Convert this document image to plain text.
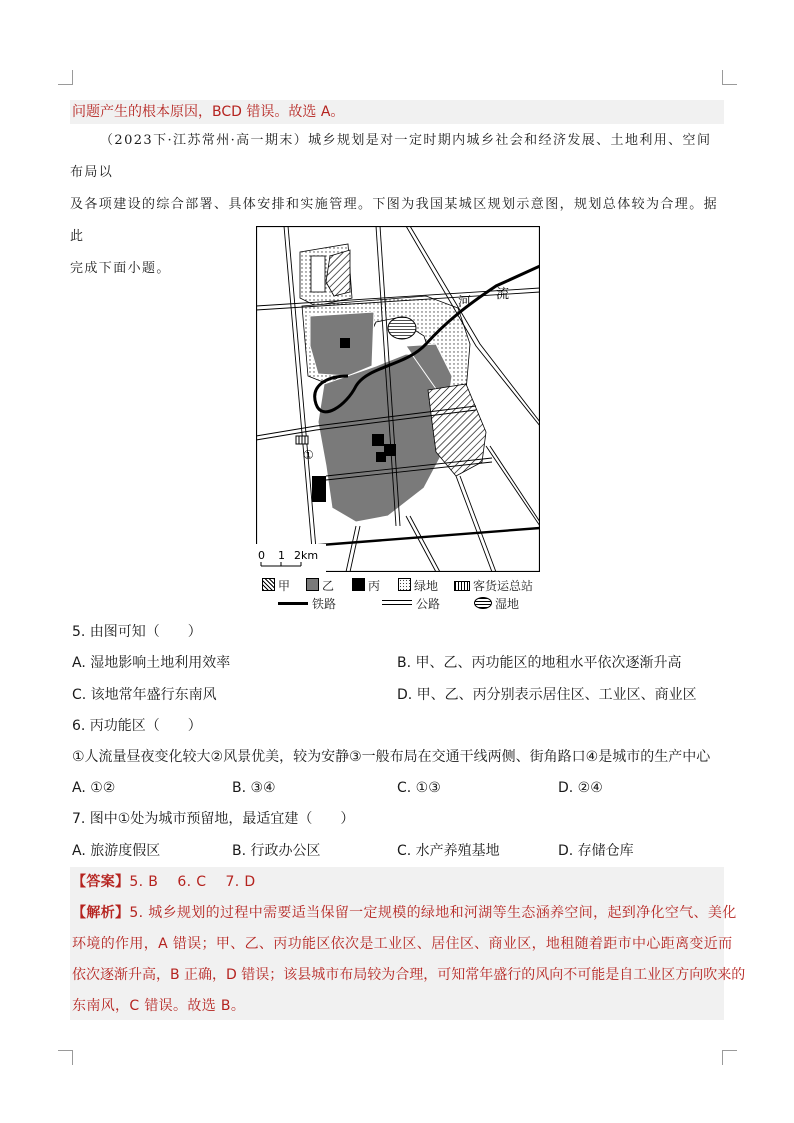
问题产生的根本原因，BCD 错误。故选 A。
（2023下·江苏常州·高一期末）城乡规划是对一定时期内城乡社会和经济发展、土地利用、空间布局以
及各项建设的综合部署、具体安排和实施管理。下图为我国某城区规划示意图，规划总体较为合理。据此
完成下面小题。
①
河
流
0 1 2km
甲	乙	丙	绿地	客货运总站
铁路	公路	湿地
5. 由图可知（　　）
A. 湿地影响土地利用效率	B. 甲、乙、丙功能区的地租水平依次逐渐升高
C. 该地常年盛行东南风	D. 甲、乙、丙分别表示居住区、工业区、商业区
6. 丙功能区（　　）
①人流量昼夜变化较大②风景优美，较为安静③一般布局在交通干线两侧、街角路口④是城市的生产中心
A. ①②	B. ③④	C. ①③	D. ②④
7. 图中①处为城市预留地，最适宜建（　　）
A. 旅游度假区	B. 行政办公区	C. 水产养殖基地	D. 存储仓库
【答案】5. B　 6. C　 7. D
【解析】5. 城乡规划的过程中需要适当保留一定规模的绿地和河湖等生态涵养空间，起到净化空气、美化
环境的作用，A 错误；甲、乙、丙功能区依次是工业区、居住区、商业区，地租随着距市中心距离变近而
依次逐渐升高，B 正确，D 错误；该县城市布局较为合理，可知常年盛行的风向不可能是自工业区方向吹来的
东南风，C 错误。故选 B。
